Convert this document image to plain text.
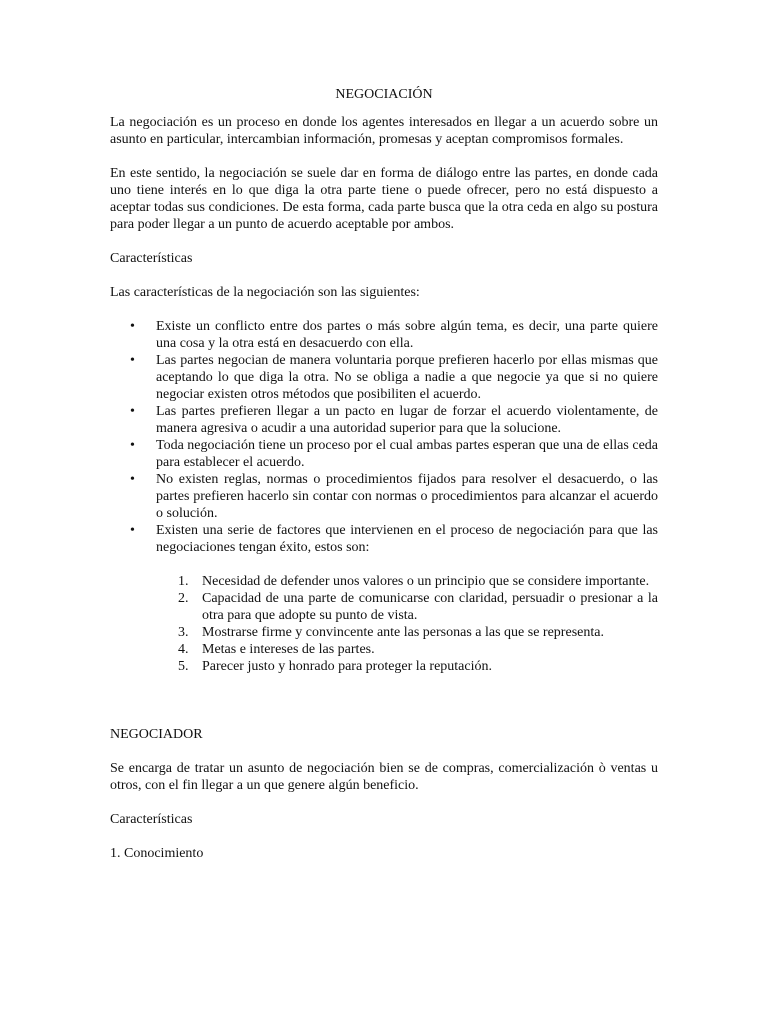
NEGOCIACIÓN

La negociación es un proceso en donde los agentes interesados en llegar a un acuerdo sobre un asunto en particular, intercambian información, promesas y aceptan compromisos formales.

En este sentido, la negociación se suele dar en forma de diálogo entre las partes, en donde cada uno tiene interés en lo que diga la otra parte tiene o puede ofrecer, pero no está dispuesto a aceptar todas sus condiciones. De esta forma, cada parte busca que la otra ceda en algo su postura para poder llegar a un punto de acuerdo aceptable por ambos.

Características

Las características de la negociación son las siguientes:

• Existe un conflicto entre dos partes o más sobre algún tema, es decir, una parte quiere una cosa y la otra está en desacuerdo con ella.
• Las partes negocian de manera voluntaria porque prefieren hacerlo por ellas mismas que aceptando lo que diga la otra. No se obliga a nadie a que negocie ya que si no quiere negociar existen otros métodos que posibiliten el acuerdo.
• Las partes prefieren llegar a un pacto en lugar de forzar el acuerdo violentamente, de manera agresiva o acudir a una autoridad superior para que la solucione.
• Toda negociación tiene un proceso por el cual ambas partes esperan que una de ellas ceda para establecer el acuerdo.
• No existen reglas, normas o procedimientos fijados para resolver el desacuerdo, o las partes prefieren hacerlo sin contar con normas o procedimientos para alcanzar el acuerdo o solución.
• Existen una serie de factores que intervienen en el proceso de negociación para que las negociaciones tengan éxito, estos son:
1. Necesidad de defender unos valores o un principio que se considere importante.
2. Capacidad de una parte de comunicarse con claridad, persuadir o presionar a la otra para que adopte su punto de vista.
3. Mostrarse firme y convincente ante las personas a las que se representa.
4. Metas e intereses de las partes.
5. Parecer justo y honrado para proteger la reputación.

NEGOCIADOR

Se encarga de tratar un asunto de negociación bien se de compras, comercialización ò ventas u otros, con el fin llegar a un que genere algún beneficio.

Características

1. Conocimiento
